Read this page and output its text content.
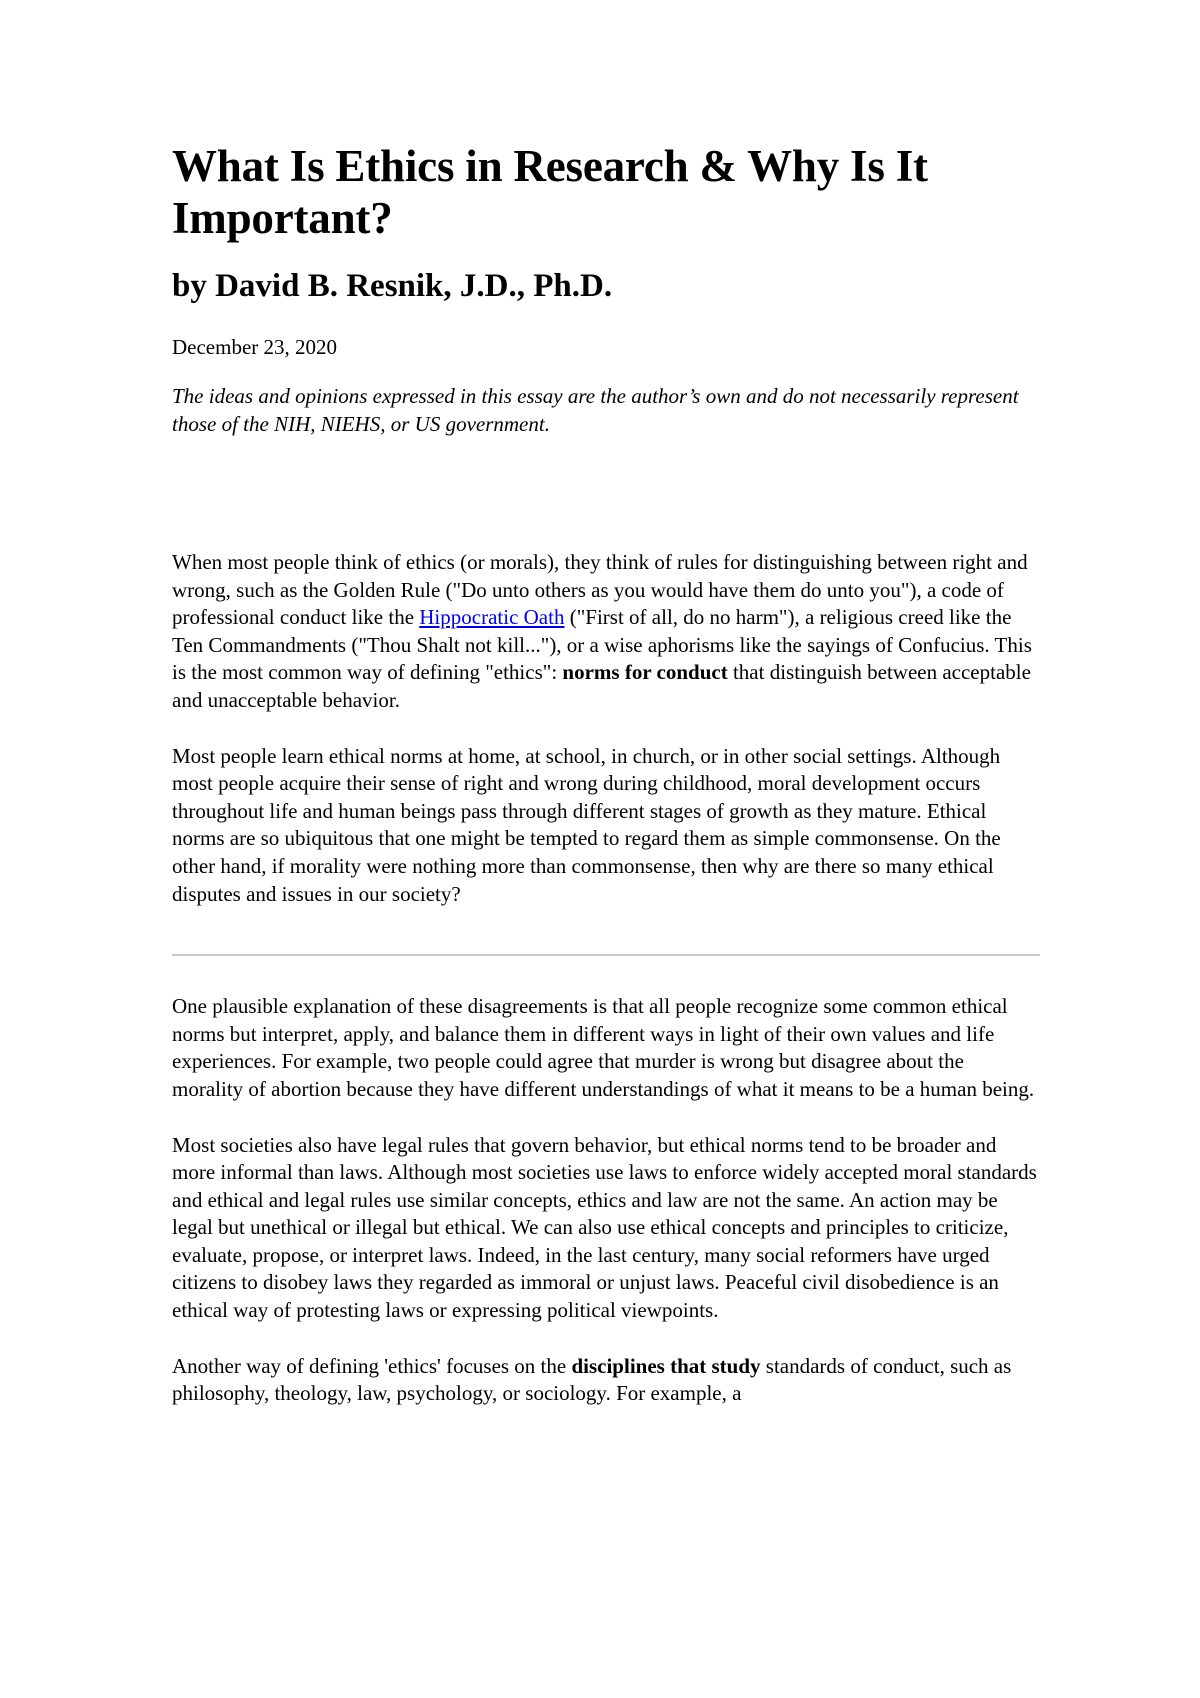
What Is Ethics in Research & Why Is It Important?
by David B. Resnik, J.D., Ph.D.

December 23, 2020

The ideas and opinions expressed in this essay are the author’s own and do not necessarily represent those of the NIH, NIEHS, or US government.

When most people think of ethics (or morals), they think of rules for distinguishing between right and wrong, such as the Golden Rule ("Do unto others as you would have them do unto you"), a code of professional conduct like the Hippocratic Oath ("First of all, do no harm"), a religious creed like the Ten Commandments ("Thou Shalt not kill..."), or a wise aphorisms like the sayings of Confucius. This is the most common way of defining "ethics": norms for conduct that distinguish between acceptable and unacceptable behavior.

Most people learn ethical norms at home, at school, in church, or in other social settings. Although most people acquire their sense of right and wrong during childhood, moral development occurs throughout life and human beings pass through different stages of growth as they mature. Ethical norms are so ubiquitous that one might be tempted to regard them as simple commonsense. On the other hand, if morality were nothing more than commonsense, then why are there so many ethical disputes and issues in our society?

One plausible explanation of these disagreements is that all people recognize some common ethical norms but interpret, apply, and balance them in different ways in light of their own values and life experiences. For example, two people could agree that murder is wrong but disagree about the morality of abortion because they have different understandings of what it means to be a human being.

Most societies also have legal rules that govern behavior, but ethical norms tend to be broader and more informal than laws. Although most societies use laws to enforce widely accepted moral standards and ethical and legal rules use similar concepts, ethics and law are not the same. An action may be legal but unethical or illegal but ethical. We can also use ethical concepts and principles to criticize, evaluate, propose, or interpret laws. Indeed, in the last century, many social reformers have urged citizens to disobey laws they regarded as immoral or unjust laws. Peaceful civil disobedience is an ethical way of protesting laws or expressing political viewpoints.

Another way of defining 'ethics' focuses on the disciplines that study standards of conduct, such as philosophy, theology, law, psychology, or sociology. For example, a
